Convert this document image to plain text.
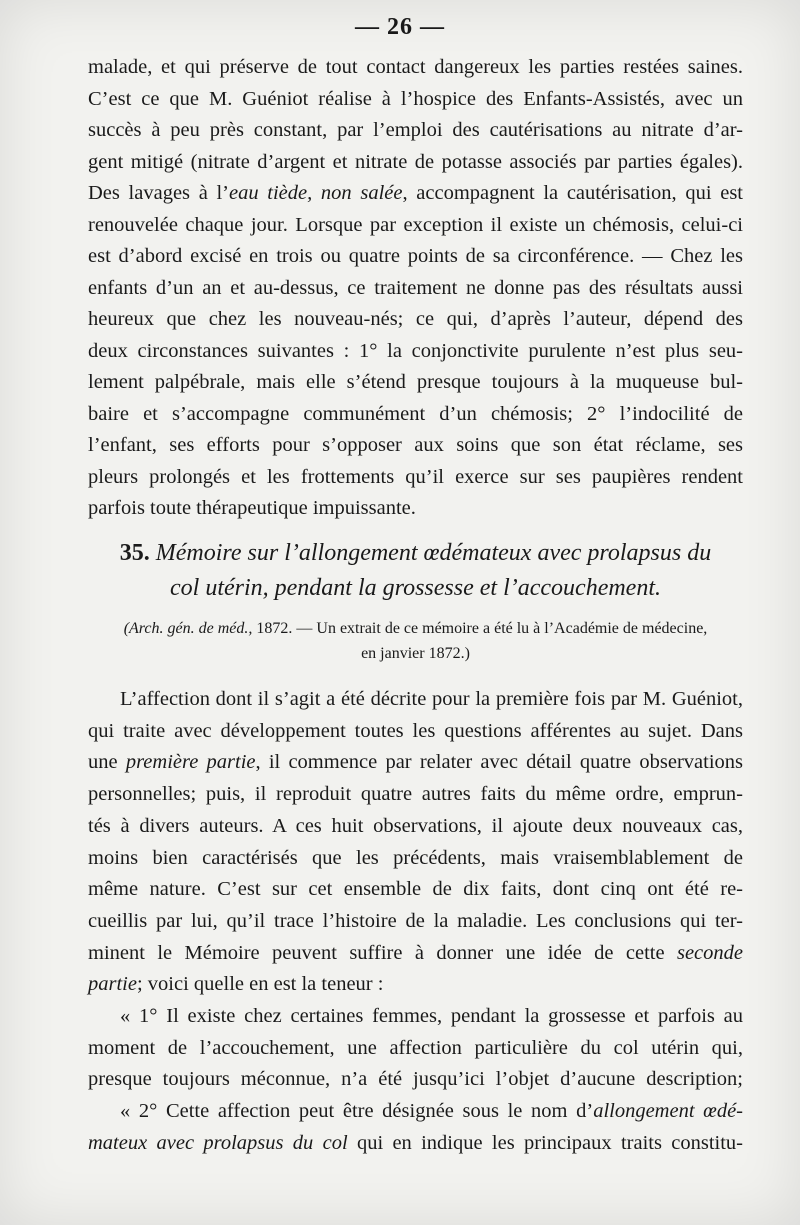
— 26 —
malade, et qui préserve de tout contact dangereux les parties restées saines.
C’est ce que M. Guéniot réalise à l’hospice des Enfants-Assistés, avec un
succès à peu près constant, par l’emploi des cautérisations au nitrate d’ar-
gent mitigé (nitrate d’argent et nitrate de potasse associés par parties égales).
Des lavages à l’eau tiède, non salée, accompagnent la cautérisation, qui est
renouvelée chaque jour. Lorsque par exception il existe un chémosis, celui-ci
est d’abord excisé en trois ou quatre points de sa circonférence. — Chez les
enfants d’un an et au-dessus, ce traitement ne donne pas des résultats aussi
heureux que chez les nouveau-nés; ce qui, d’après l’auteur, dépend des
deux circonstances suivantes : 1° la conjonctivite purulente n’est plus seu-
lement palpébrale, mais elle s’étend presque toujours à la muqueuse bul-
baire et s’accompagne communément d’un chémosis; 2° l’indocilité de
l’enfant, ses efforts pour s’opposer aux soins que son état réclame, ses
pleurs prolongés et les frottements qu’il exerce sur ses paupières rendent
parfois toute thérapeutique impuissante.
35. Mémoire sur l’allongement œdémateux avec prolapsus du
col utérin, pendant la grossesse et l’accouchement.
(Arch. gén. de méd., 1872. — Un extrait de ce mémoire a été lu à l’Académie de médecine,
en janvier 1872.)
L’affection dont il s’agit a été décrite pour la première fois par M. Guéniot,
qui traite avec développement toutes les questions afférentes au sujet. Dans
une première partie, il commence par relater avec détail quatre observations
personnelles; puis, il reproduit quatre autres faits du même ordre, emprun-
tés à divers auteurs. A ces huit observations, il ajoute deux nouveaux cas,
moins bien caractérisés que les précédents, mais vraisemblablement de
même nature. C’est sur cet ensemble de dix faits, dont cinq ont été re-
cueillis par lui, qu’il trace l’histoire de la maladie. Les conclusions qui ter-
minent le Mémoire peuvent suffire à donner une idée de cette seconde
partie; voici quelle en est la teneur :
« 1° Il existe chez certaines femmes, pendant la grossesse et parfois au
moment de l’accouchement, une affection particulière du col utérin qui,
presque toujours méconnue, n’a été jusqu’ici l’objet d’aucune description;
« 2° Cette affection peut être désignée sous le nom d’allongement œdé-
mateux avec prolapsus du col qui en indique les principaux traits constitu-
